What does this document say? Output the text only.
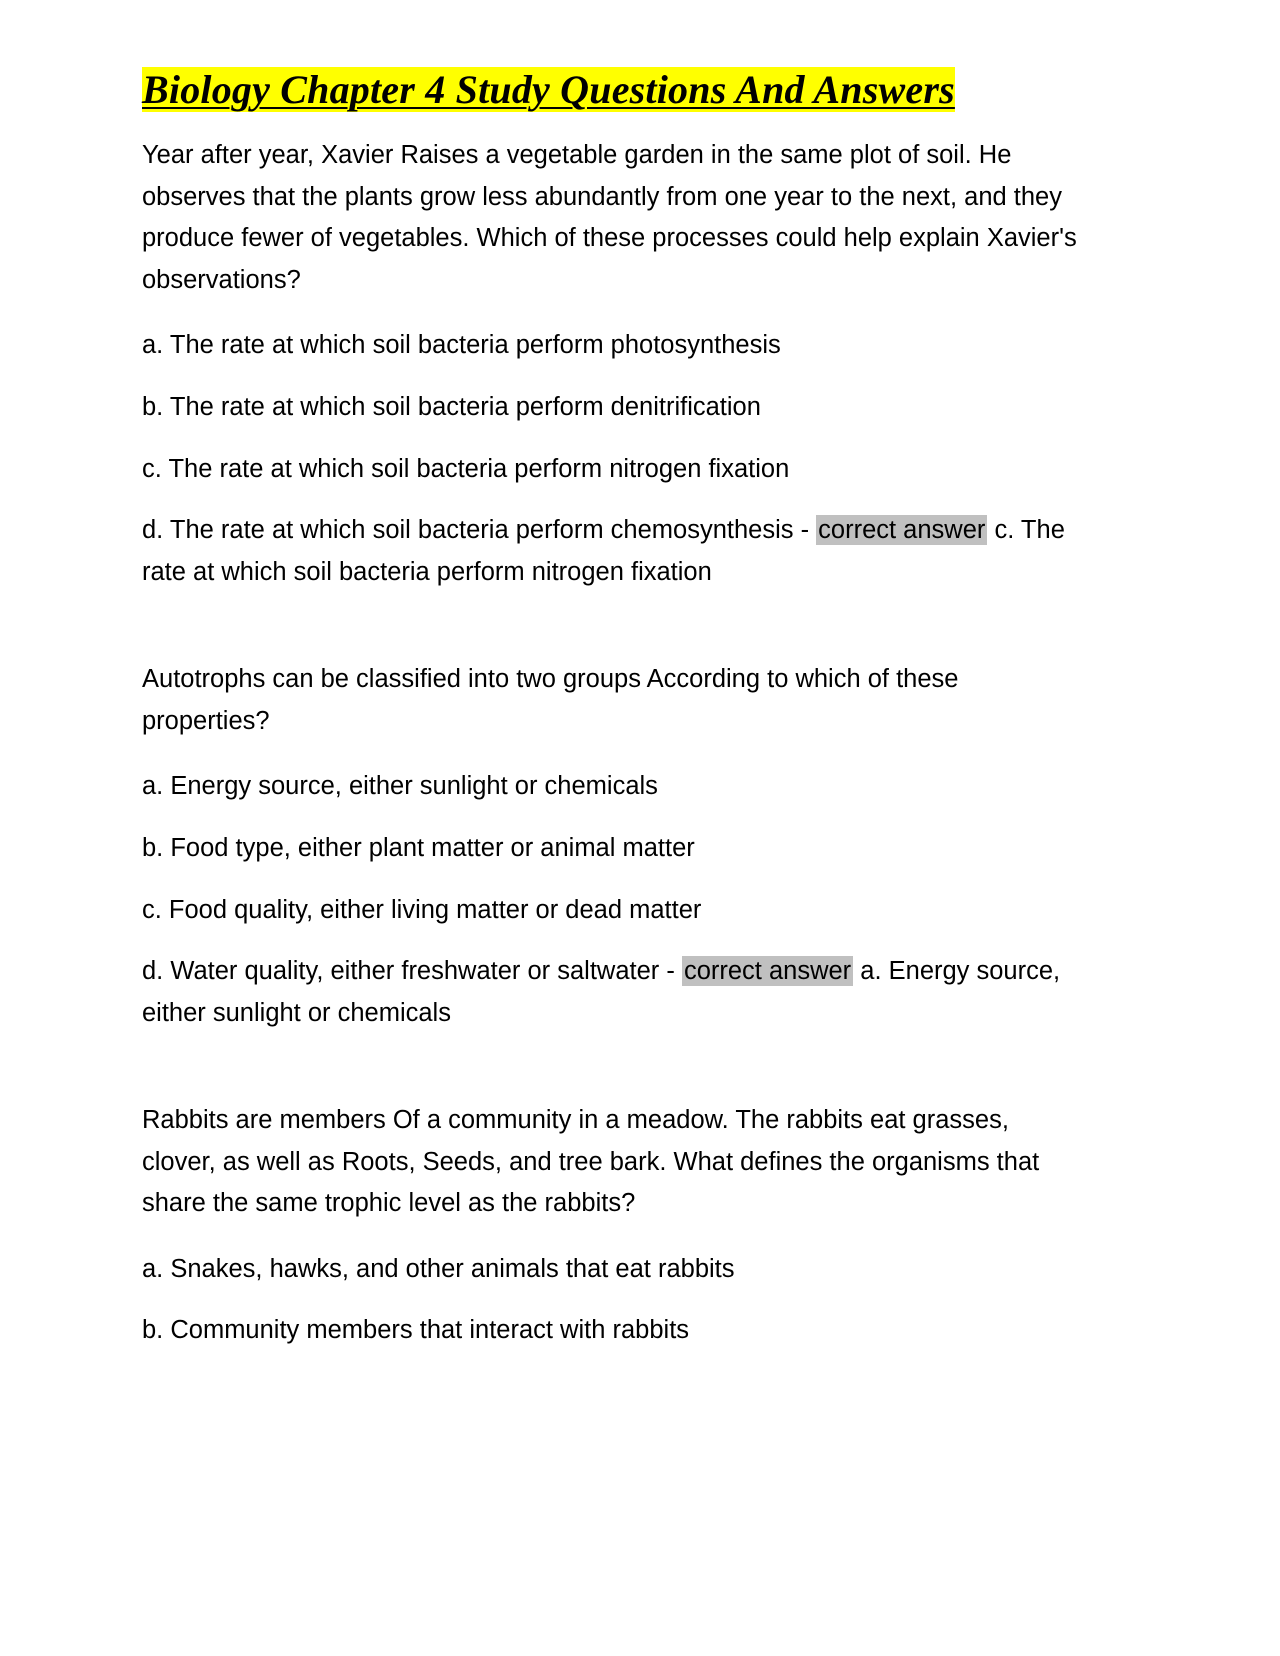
Biology Chapter 4 Study Questions And Answers

Year after year, Xavier Raises a vegetable garden in the same plot of soil. He observes that the plants grow less abundantly from one year to the next, and they produce fewer of vegetables. Which of these processes could help explain Xavier's observations?

a. The rate at which soil bacteria perform photosynthesis

b. The rate at which soil bacteria perform denitrification

c. The rate at which soil bacteria perform nitrogen fixation

d. The rate at which soil bacteria perform chemosynthesis - correct answer c. The rate at which soil bacteria perform nitrogen fixation

Autotrophs can be classified into two groups According to which of these properties?

a. Energy source, either sunlight or chemicals

b. Food type, either plant matter or animal matter

c. Food quality, either living matter or dead matter

d. Water quality, either freshwater or saltwater - correct answer a. Energy source, either sunlight or chemicals

Rabbits are members Of a community in a meadow. The rabbits eat grasses, clover, as well as Roots, Seeds, and tree bark. What defines the organisms that share the same trophic level as the rabbits?

a. Snakes, hawks, and other animals that eat rabbits

b. Community members that interact with rabbits
